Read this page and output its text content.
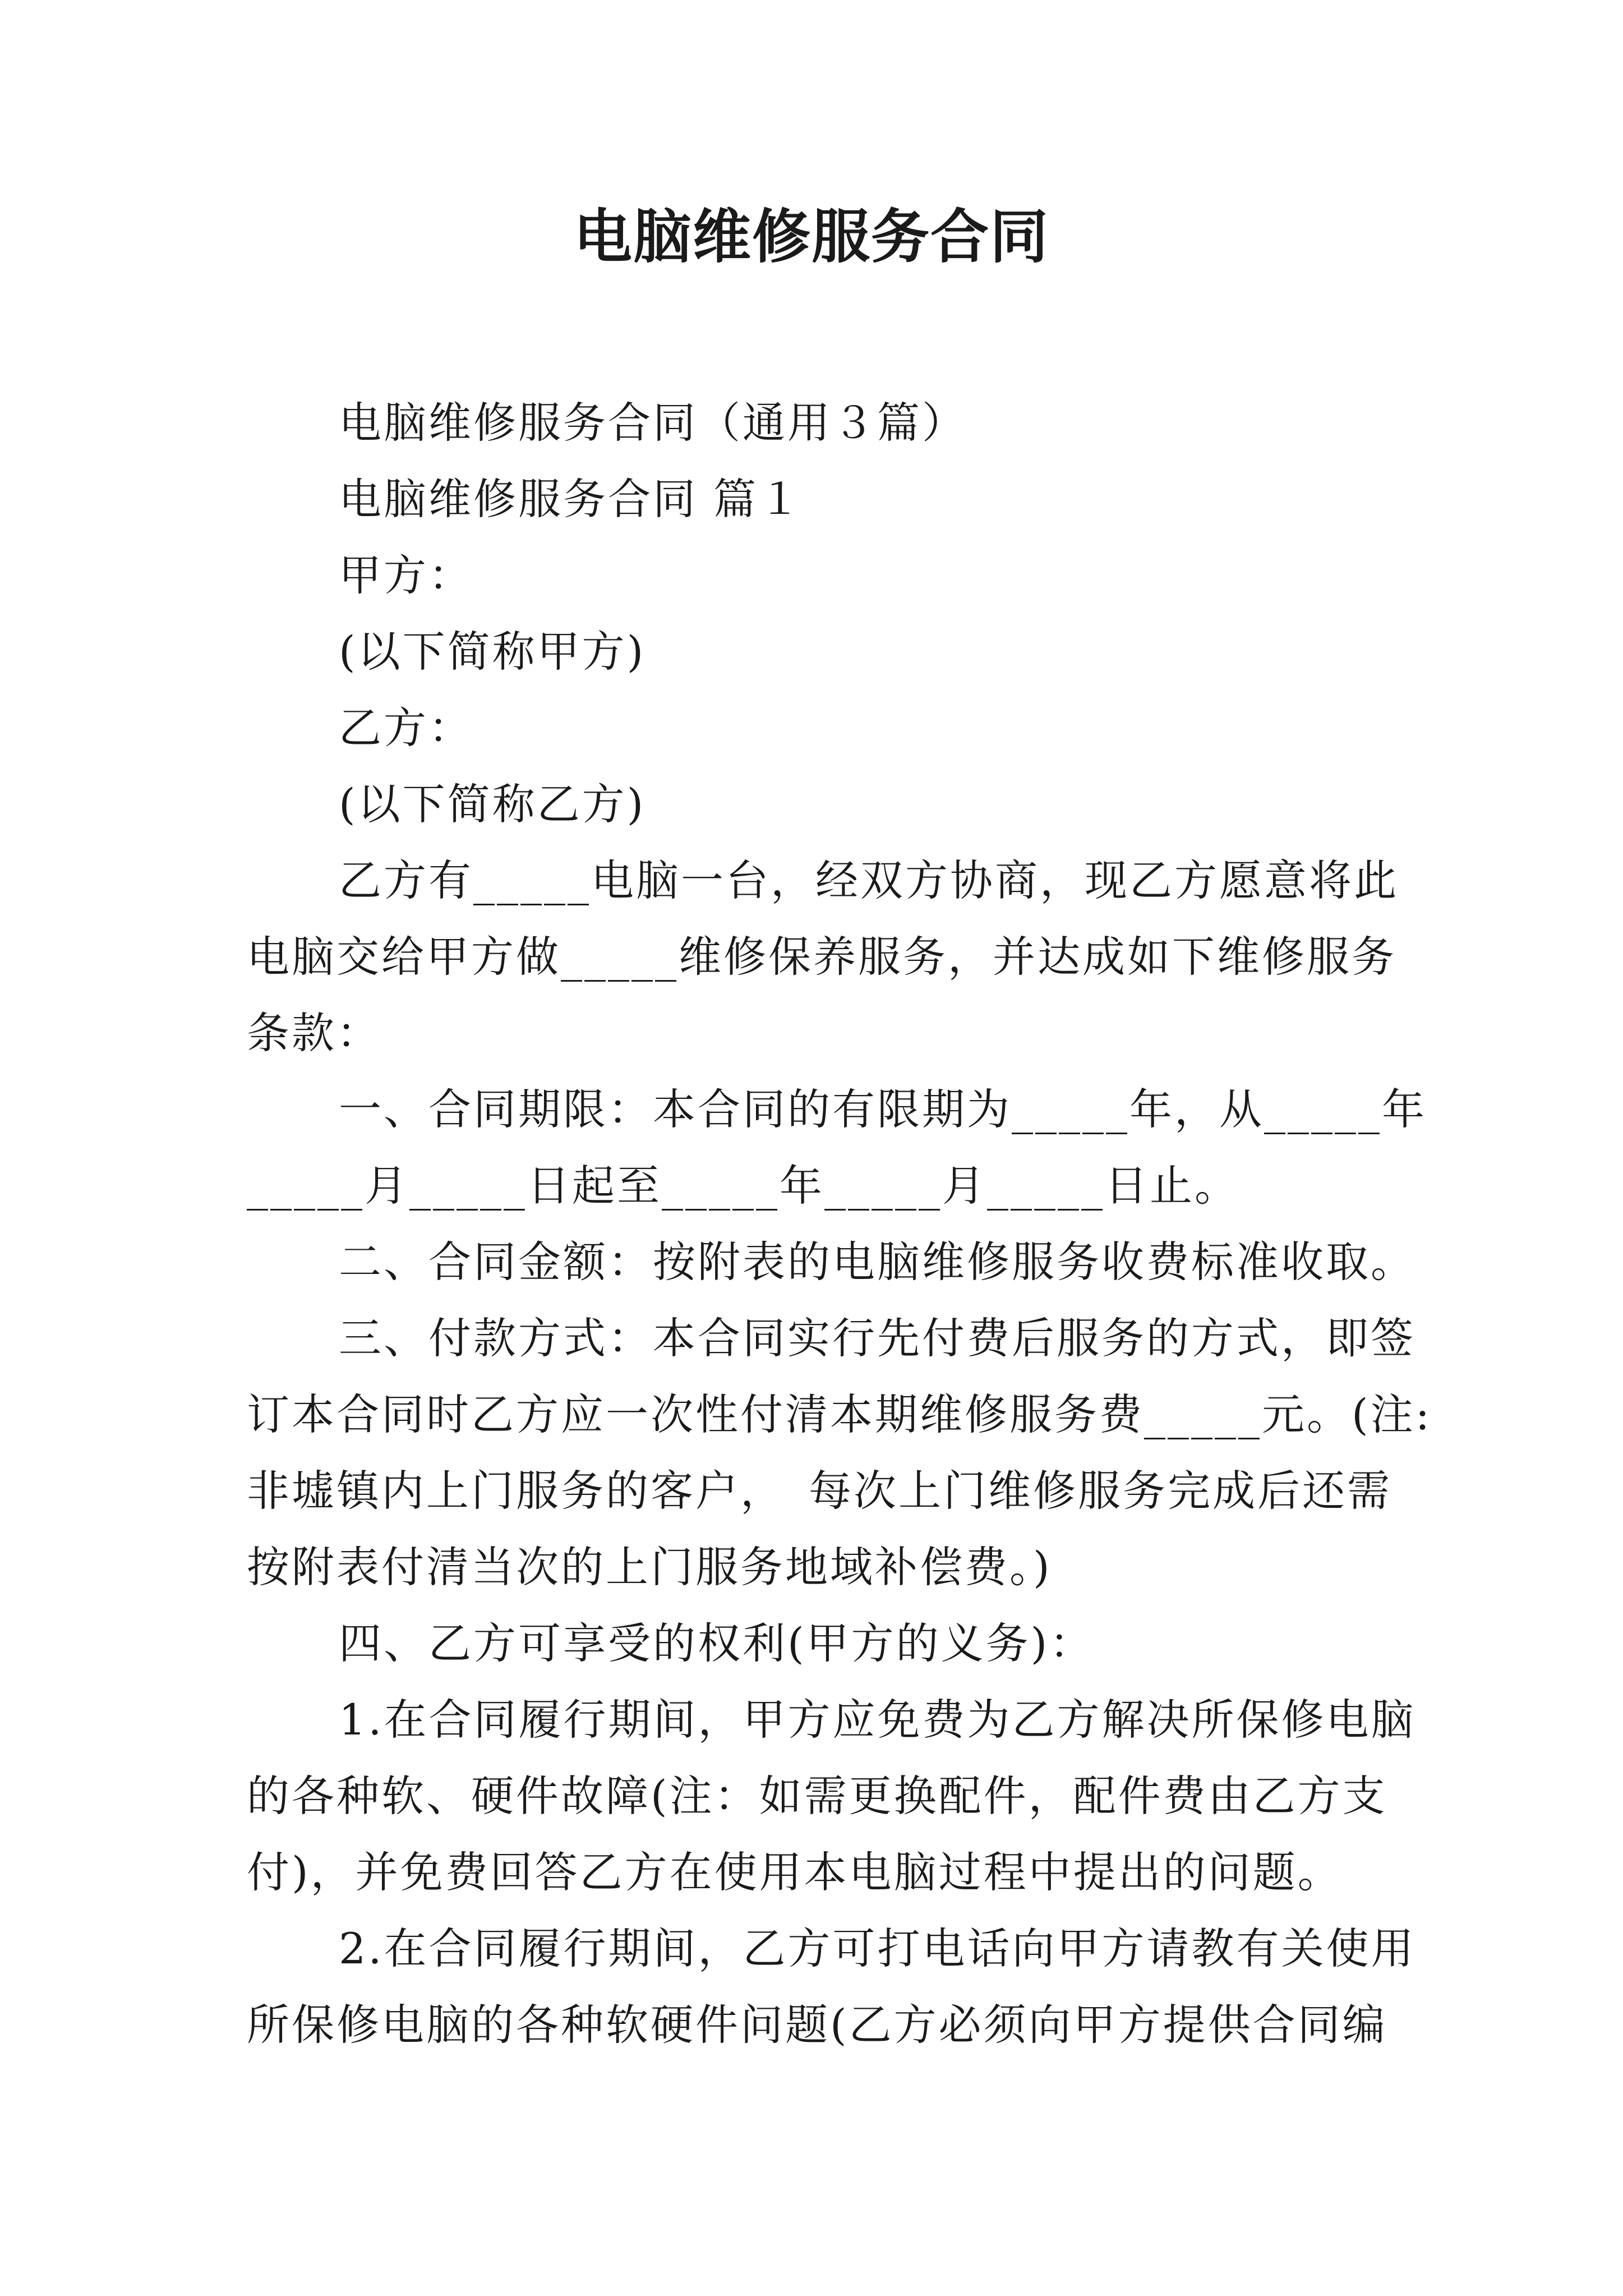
电脑维修服务合同

电脑维修服务合同（通用３篇）

电脑维修服务合同 篇１

甲方：

(以下简称甲方)

乙方：

(以下简称乙方)

乙方有_____电脑一台，经双方协商，现乙方愿意将此

电脑交给甲方做_____维修保养服务，并达成如下维修服务

条款：

一、合同期限：本合同的有限期为_____年，从_____年

_____月_____日起至_____年_____月_____日止。

二、合同金额：按附表的电脑维修服务收费标准收取。

三、付款方式：本合同实行先付费后服务的方式，即签

订本合同时乙方应一次性付清本期维修服务费_____元。(注:

非墟镇内上门服务的客户，　每次上门维修服务完成后还需

按附表付清当次的上门服务地域补偿费。)

四、乙方可享受的权利(甲方的义务)：

1.在合同履行期间，甲方应免费为乙方解决所保修电脑

的各种软、硬件故障(注：如需更换配件，配件费由乙方支

付)，并免费回答乙方在使用本电脑过程中提出的问题。

2.在合同履行期间，乙方可打电话向甲方请教有关使用

所保修电脑的各种软硬件问题(乙方必须向甲方提供合同编
